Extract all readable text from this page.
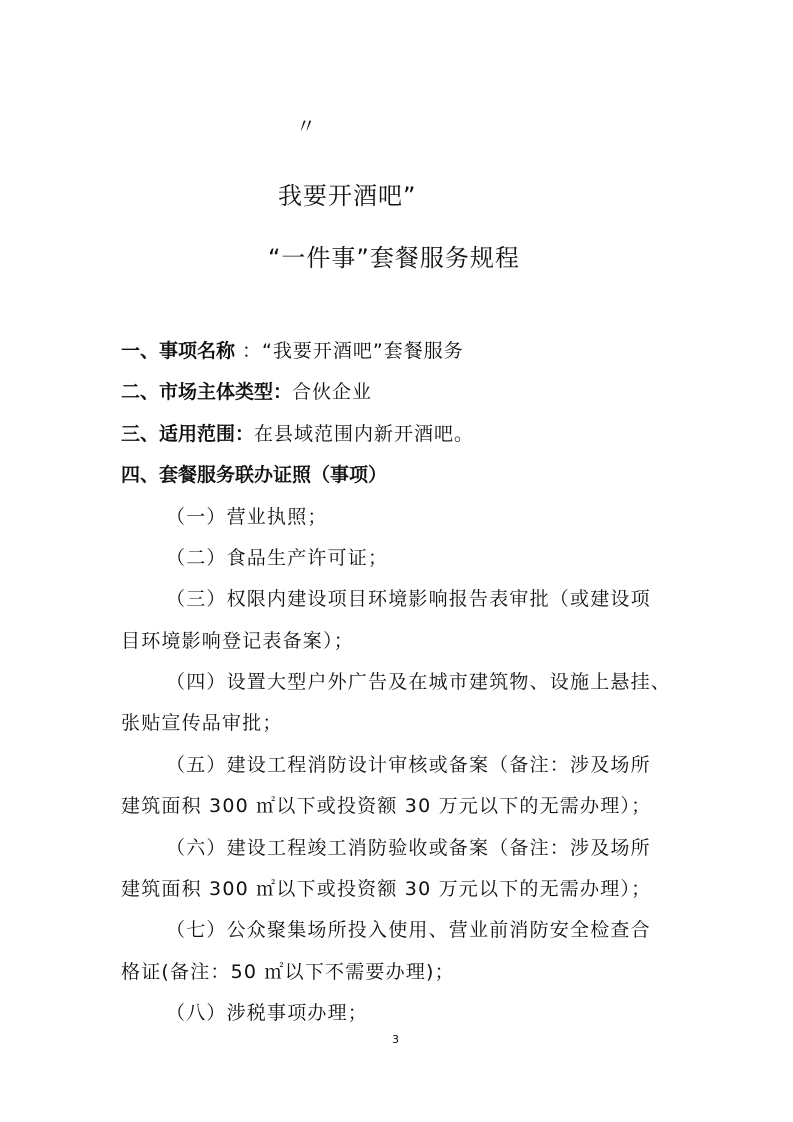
〃
我要开酒吧”
“一件事”套餐服务规程
一、事项名称 ：“我要开酒吧”套餐服务
二、市场主体类型：合伙企业
三、适用范围：在县域范围内新开酒吧。
四、套餐服务联办证照（事项）
（一）营业执照；
（二）食品生产许可证；
（三）权限内建设项目环境影响报告表审批（或建设项
目环境影响登记表备案）；
（四）设置大型户外广告及在城市建筑物、设施上悬挂、
张贴宣传品审批；
（五）建设工程消防设计审核或备案（备注：涉及场所
建筑面积 300 ㎡以下或投资额 30 万元以下的无需办理）；
（六）建设工程竣工消防验收或备案（备注：涉及场所
建筑面积 300 ㎡以下或投资额 30 万元以下的无需办理）；
（七）公众聚集场所投入使用、营业前消防安全检查合
格证(备注：50 ㎡以下不需要办理)；
（八）涉税事项办理；
3
